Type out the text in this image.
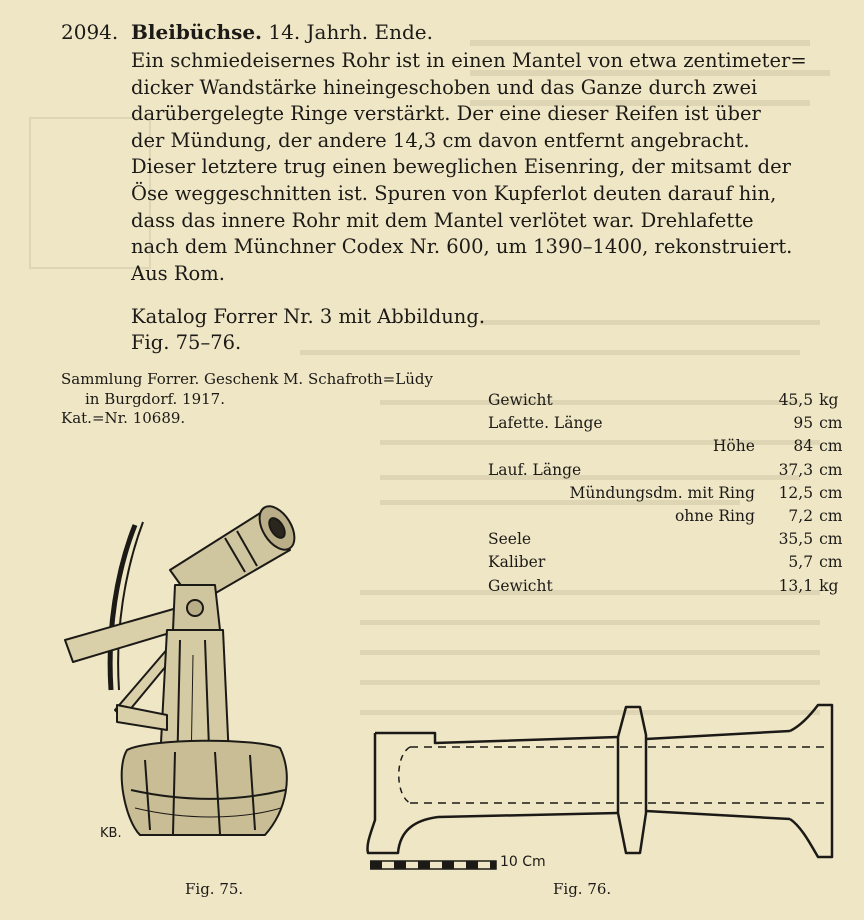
2094. Bleibüchse. 14. Jahrh. Ende.
Ein schmiedeisernes Rohr ist in einen Mantel von etwa zentimeter=
dicker Wandstärke hineingeschoben und das Ganze durch zwei
darübergelegte Ringe verstärkt. Der eine dieser Reifen ist über
der Mündung, der andere 14,3 cm davon entfernt angebracht.
Dieser letztere trug einen beweglichen Eisenring, der mitsamt der
Öse weggeschnitten ist. Spuren von Kupferlot deuten darauf hin,
dass das innere Rohr mit dem Mantel verlötet war. Drehlafette
nach dem Münchner Codex Nr. 600, um 1390–1400, rekonstruiert.
Aus Rom.
Katalog Forrer Nr. 3 mit Abbildung.
Fig. 75–76.
Sammlung Forrer. Geschenk M. Schafroth=Lüdy
in Burgdorf. 1917.
Kat.=Nr. 10689.
Gewicht	45,5	kg
Lafette. Länge	95	cm
Höhe	84	cm
Lauf. Länge	37,3	cm
Mündungsdm. mit Ring	12,5	cm
ohne Ring	7,2	cm
Seele	35,5	cm
Kaliber	5,7	cm
Gewicht	13,1	kg
KB.
Fig. 75.
10 Cm
Fig. 76.
